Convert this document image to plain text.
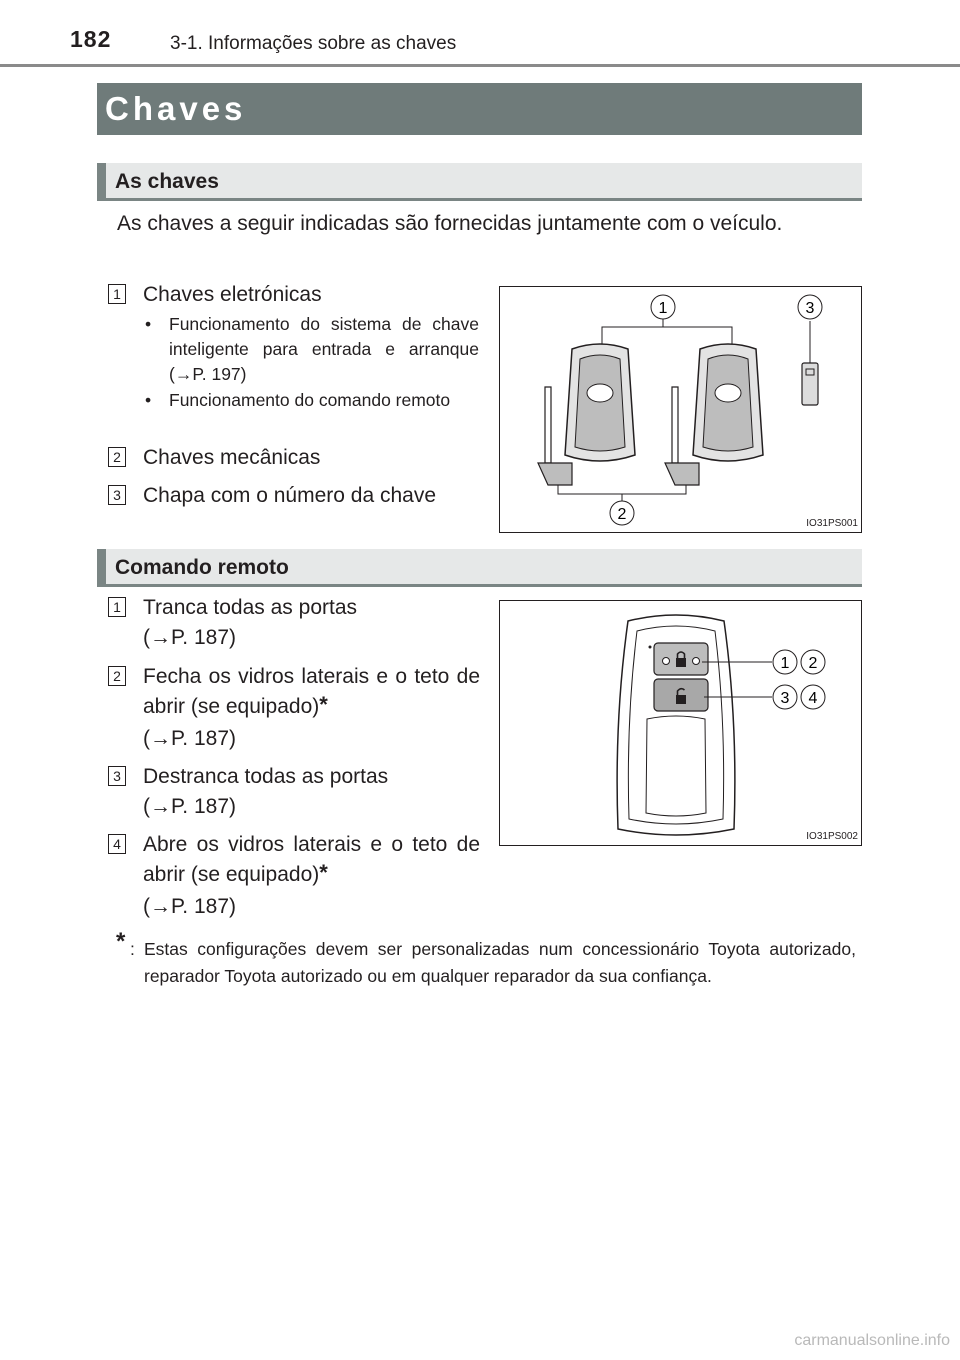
182	3-1. Informações sobre as chaves
Chaves
As chaves
As chaves a seguir indicadas são fornecidas juntamente com o veículo.
1 Chaves eletrónicas
• Funcionamento do sistema de chave inteligente para entrada e arranque (→P. 197)
• Funcionamento do comando remoto
2 Chaves mecânicas
3 Chapa com o número da chave
1	3
2
IO31PS001
Comando remoto
1 Tranca todas as portas
(→P. 187)
2 Fecha os vidros laterais e o teto de abrir (se equipado)*
(→P. 187)
3 Destranca todas as portas
(→P. 187)
4 Abre os vidros laterais e o teto de abrir (se equipado)*
(→P. 187)
1 2
3 4
IO31PS002
* : Estas configurações devem ser personalizadas num concessionário Toyota autorizado, reparador Toyota autorizado ou em qualquer reparador da sua confiança.
carmanualsonline.info
